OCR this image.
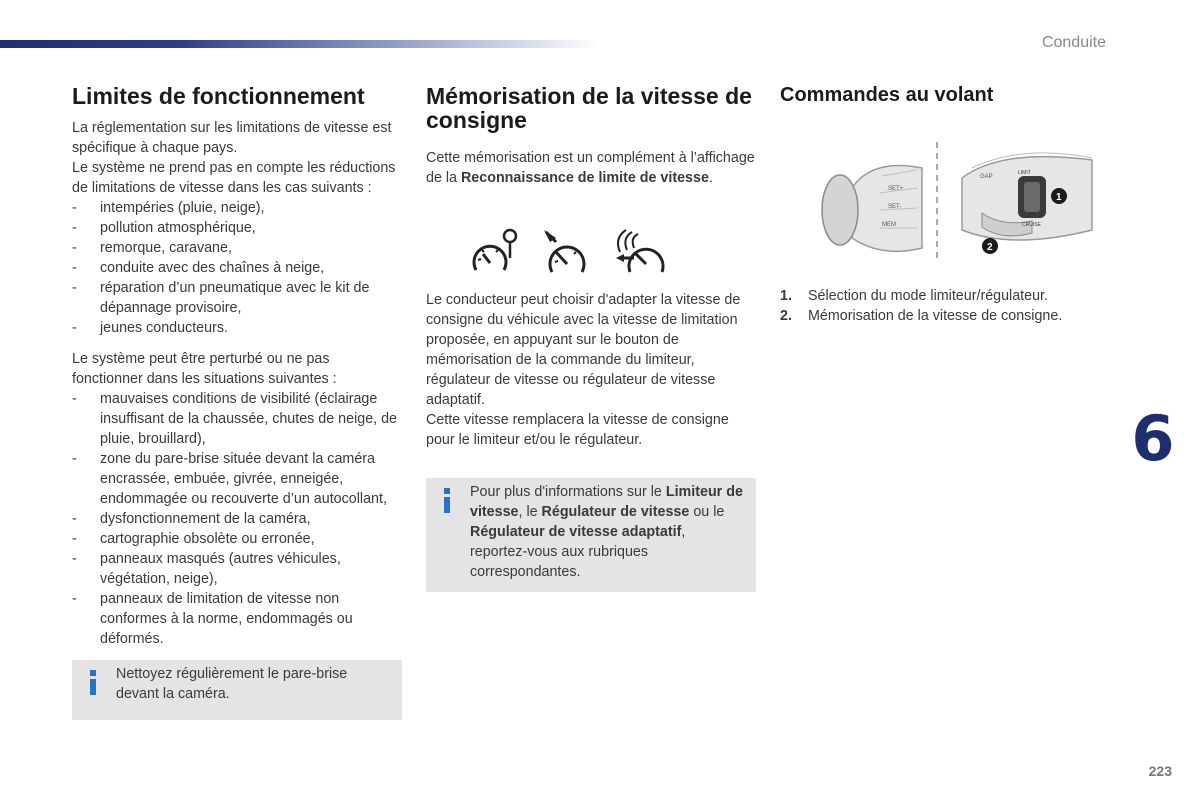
Conduite
6
223
Limites de fonctionnement

La réglementation sur les limitations de vitesse est spécifique à chaque pays.

Le système ne prend pas en compte les réductions de limitations de vitesse dans les cas suivants :

- intempéries (pluie, neige),
- pollution atmosphérique,
- remorque, caravane,
- conduite avec des chaînes à neige,
- réparation d’un pneumatique avec le kit de dépannage provisoire,
- jeunes conducteurs.

Le système peut être perturbé ou ne pas fonctionner dans les situations suivantes :

- mauvaises conditions de visibilité (éclairage insuffisant de la chaussée, chutes de neige, de pluie, brouillard),
- zone du pare-brise située devant la caméra encrassée, embuée, givrée, enneigée, endommagée ou recouverte d’un autocollant,
- dysfonctionnement de la caméra,
- cartographie obsolète ou erronée,
- panneaux masqués (autres véhicules, végétation, neige),
- panneaux de limitation de vitesse non conformes à la norme, endommagés ou déformés.

Nettoyez régulièrement le pare-brise devant la caméra.

Mémorisation de la vitesse de consigne

Cette mémorisation est un complément à l’affichage de la Reconnaissance de limite de vitesse.

Le conducteur peut choisir d'adapter la vitesse de consigne du véhicule avec la vitesse de limitation proposée, en appuyant sur le bouton de mémorisation de la commande du limiteur, régulateur de vitesse ou régulateur de vitesse adaptatif.

Cette vitesse remplacera la vitesse de consigne pour le limiteur et/ou le régulateur.

Pour plus d'informations sur le Limiteur de vitesse, le Régulateur de vitesse ou le Régulateur de vitesse adaptatif, reportez-vous aux rubriques correspondantes.

Commandes au volant
MEM
SET+
SET-
GAP
LIMIT
CRUISE
1
2
1. Sélection du mode limiteur/régulateur.
2. Mémorisation de la vitesse de consigne.
